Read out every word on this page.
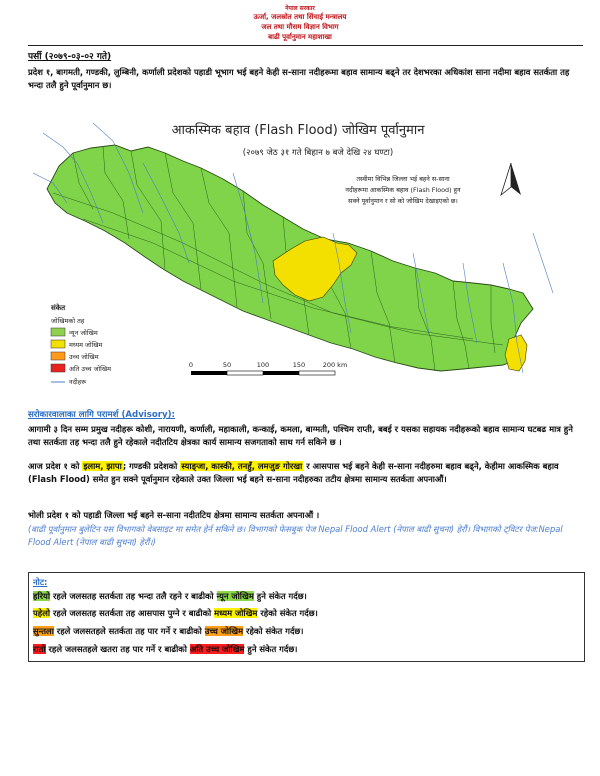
नेपाल सरकार
ऊर्जा, जलस्रोत तथा सिंचाई मन्त्रालय
जल तथा मौसम विज्ञान विभाग
बाढी पूर्वानुमान महाशाखा
पर्सी (२०७९-०३-०२ गते)
प्रदेश १, बागमती, गण्डकी, लुम्बिनी, कर्णाली प्रदेशको पहाडी भूभाग भई बहने केही स-साना नदीहरूमा बहाव सामान्य बढ्ने तर देशभरका अधिकांश साना नदीमा बहाव सतर्कता तह भन्दा तलै हुने पूर्वानुमान छ।
आकस्मिक बहाव (Flash Flood) जोखिम पूर्वानुमान
(२०७९ जेठ ३१ गते बिहान ७ बजे देखि २४ घण्टा)
तस्वीमा विभिन्न जिल्ला भई बहने स-साना
नदीहरूमा आकस्मिक बहाव (Flash Flood) हुन
सक्ने पूर्वानुमान र सो को जोखिम देखाइएको छ।
संकेत
जोखिमको तह
न्यून जोखिम
मध्यम जोखिम
उच्च जोखिम
अति उच्च जोखिम
नदीहरू
0	50	100	150	200 km
सरोकारवालाका लागि परामर्श (Advisory):
आगामी ३ दिन सम्म प्रमुख नदीहरू कोशी, नारायणी, कर्णाली, महाकाली, कन्काई, कमला, बाग्मती, पश्चिम राप्ती, बबई र यसका सहायक नदीहरूको बहाव सामान्य घटबढ मात्र हुने तथा सतर्कता तह भन्दा तलै हुने रहेकाले नदीतटिय क्षेत्रका कार्य सामान्य सजगताको साथ गर्न सकिने छ ।
आज प्रदेश १ को इलाम, झापा; गण्डकी प्रदेशको स्याङ्जा, कास्की, तनहुँ, लमजुङ गोरखा र आसपास भई बहने केही स-साना नदीहरुमा बहाव बढ्ने, केहीमा आकस्मिक बहाव (Flash Flood) समेत हुन सक्ने पूर्वानुमान रहेकाले उक्त जिल्ला भई बहने स-साना नदीहरुका तटीय क्षेत्रमा सामान्य सतर्कता अपनाऔं।
भोली प्रदेश १ को पहाडी जिल्ला भई बहने स-साना नदीतटिय क्षेत्रमा सामान्य सतर्कता अपनाऔं ।
(बाढी पूर्वानुमान बुलेटिन यस विभागको वेबसाइट मा समेत हेर्न सकिने छ। विभागको फेसबुक पेज Nepal Flood Alert (नेपाल बाढी सुचना) हेरौं। विभागको ट्विटर पेज:Nepal Flood Alert (नेपाल बाढी सुचना) हेरौं।)
नोट:
हरियो रहले जलसतह सतर्कता तह भन्दा तलै रहने र बाढीको न्यून जोखिम हुने संकेत गर्दछ।
पहेलो रहले जलसतह सतर्कता तह आसपास पुग्ने र बाढीको मध्यम जोखिम रहेको संकेत गर्दछ।
सुन्तला रहले जलसतहले सतर्कता तह पार गर्ने र बाढीको उच्च जोखिम रहेको संकेत गर्दछ।
रातो रहले जलसतहले खतरा तह पार गर्ने र बाढीको अति उच्च जोखिम हुने संकेत गर्दछ।
